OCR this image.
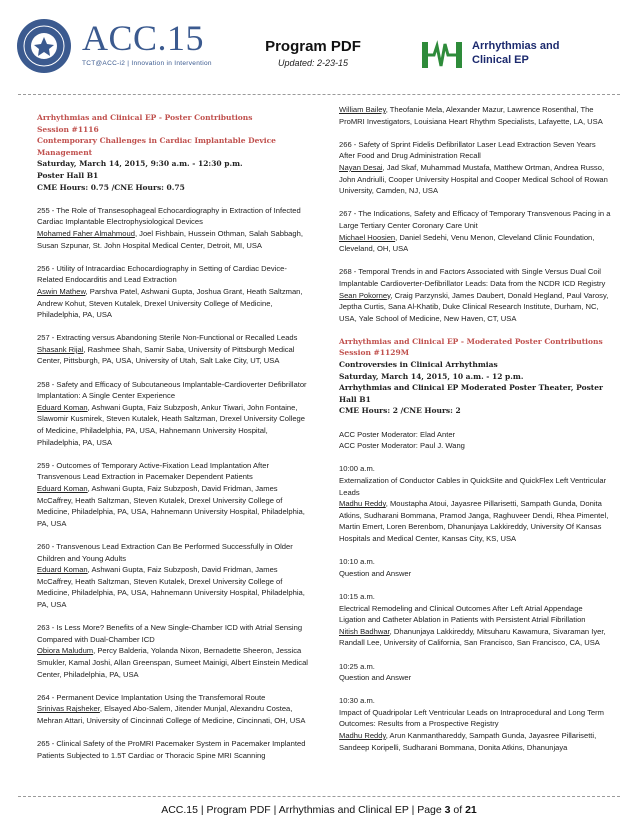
ACC.15
TCT@ACC-i2 | Innovation in Intervention
Program PDF
Updated: 2-23-15
Arrhythmias and
Clinical EP
Arrhythmias and Clinical EP - Poster Contributions
Session #1116
Contemporary Challenges in Cardiac Implantable Device Management
Saturday, March 14, 2015, 9:30 a.m. - 12:30 p.m.
Poster Hall B1
CME Hours: 0.75 /CNE Hours: 0.75
255 - The Role of Transesophageal Echocardiography in Extraction of Infected Cardiac Implantable Electrophysiological Devices
Mohamed Faher Almahmoud, Joel Fishbain, Hussein Othman, Salah Sabbagh, Susan Szpunar, St. John Hospital Medical Center, Detroit, MI, USA
256 - Utility of Intracardiac Echocardiography in Setting of Cardiac Device-Related Endocarditis and Lead Extraction
Aswin Mathew, Parshva Patel, Ashwani Gupta, Joshua Grant, Heath Saltzman, Andrew Kohut, Steven Kutalek, Drexel University College of Medicine, Philadelphia, PA, USA
257 - Extracting versus Abandoning Sterile Non-Functional or Recalled Leads
Shasank Rijal, Rashmee Shah, Samir Saba, University of Pittsburgh Medical Center, Pittsburgh, PA, USA, University of Utah, Salt Lake City, UT, USA
258 - Safety and Efficacy of Subcutaneous Implantable-Cardioverter Defibrillator Implantation: A Single Center Experience
Eduard Koman, Ashwani Gupta, Faiz Subzposh, Ankur Tiwari, John Fontaine, Slawomir Kusmirek, Steven Kutalek, Heath Saltzman, Drexel University College of Medicine, Philadelphia, PA, USA, Hahnemann University Hospital, Philadelphia, PA, USA
259 - Outcomes of Temporary Active-Fixation Lead Implantation After Transvenous Lead Extraction in Pacemaker Dependent Patients
Eduard Koman, Ashwani Gupta, Faiz Subzposh, David Fridman, James McCaffrey, Heath Saltzman, Steven Kutalek, Drexel University College of Medicine, Philadelphia, PA, USA, Hahnemann University Hospital, Philadelphia, PA, USA
260 - Transvenous Lead Extraction Can Be Performed Successfully in Older Children and Young Adults
Eduard Koman, Ashwani Gupta, Faiz Subzposh, David Fridman, James McCaffrey, Heath Saltzman, Steven Kutalek, Drexel University College of Medicine, Philadelphia, PA, USA, Hahnemann University Hospital, Philadelphia, PA, USA
263 - Is Less More? Benefits of a New Single-Chamber ICD with Atrial Sensing Compared with Dual-Chamber ICD
Obiora Maludum, Percy Balderia, Yolanda Nixon, Bernadette Sheeron, Jessica Smukler, Kamal Joshi, Allan Greenspan, Sumeet Mainigi, Albert Einstein Medical Center, Philadelphia, PA, USA
264 - Permanent Device Implantation Using the Transfemoral Route
Srinivas Rajsheker, Elsayed Abo-Salem, Jitender Munjal, Alexandru Costea, Mehran Attari, University of Cincinnati College of Medicine, Cincinnati, OH, USA
265 - Clinical Safety of the ProMRI Pacemaker System in Pacemaker Implanted Patients Subjected to 1.5T Cardiac or Thoracic Spine MRI Scanning
William Bailey, Theofanie Mela, Alexander Mazur, Lawrence Rosenthal, The ProMRI Investigators, Louisiana Heart Rhythm Specialists, Lafayette, LA, USA
266 - Safety of Sprint Fidelis Defibrillator Laser Lead Extraction Seven Years After Food and Drug Administration Recall
Nayan Desai, Jad Skaf, Muhammad Mustafa, Matthew Ortman, Andrea Russo, John Andriulli, Cooper University Hospital and Cooper Medical School of Rowan University, Camden, NJ, USA
267 - The Indications, Safety and Efficacy of Temporary Transvenous Pacing in a Large Tertiary Center Coronary Care Unit
Michael Hoosien, Daniel Sedehi, Venu Menon, Cleveland Clinic Foundation, Cleveland, OH, USA
268 - Temporal Trends in and Factors Associated with Single Versus Dual Coil Implantable Cardioverter-Defibrillator Leads: Data from the NCDR ICD Registry
Sean Pokorney, Craig Parzynski, James Daubert, Donald Hegland, Paul Varosy, Jeptha Curtis, Sana Al-Khatib, Duke Clinical Research Institute, Durham, NC, USA, Yale School of Medicine, New Haven, CT, USA
Arrhythmias and Clinical EP - Moderated Poster Contributions
Session #1129M
Controversies in Clinical Arrhythmias
Saturday, March 14, 2015, 10 a.m. - 12 p.m.
Arrhythmias and Clinical EP Moderated Poster Theater, Poster Hall B1
CME Hours: 2 /CNE Hours: 2
ACC Poster Moderator: Elad Anter
ACC Poster Moderator: Paul J. Wang
10:00 a.m.
Externalization of Conductor Cables in QuickSite and QuickFlex Left Ventricular Leads
Madhu Reddy, Moustapha Atoui, Jayasree Pillarisetti, Sampath Gunda, Donita Atkins, Sudharani Bommana, Pramod Janga, Raghuveer Dendi, Rhea Pimentel, Martin Emert, Loren Berenbom, Dhanunjaya Lakkireddy, University Of Kansas Hospitals and Medical Center, Kansas City, KS, USA
10:10 a.m.
Question and Answer
10:15 a.m.
Electrical Remodeling and Clinical Outcomes After Left Atrial Appendage Ligation and Catheter Ablation in Patients with Persistent Atrial Fibrillation
Nitish Badhwar, Dhanunjaya Lakkireddy, Mitsuharu Kawamura, Sivaraman Iyer, Randall Lee, University of California, San Francisco, San Francisco, CA, USA
10:25 a.m.
Question and Answer
10:30 a.m.
Impact of Quadripolar Left Ventricular Leads on Intraprocedural and Long Term Outcomes: Results from a Prospective Registry
Madhu Reddy, Arun Kanmanthareddy, Sampath Gunda, Jayasree Pillarisetti, Sandeep Koripelli, Sudharani Bommana, Donita Atkins, Dhanunjaya
ACC.15 | Program PDF | Arrhythmias and Clinical EP | Page 3 of 21
